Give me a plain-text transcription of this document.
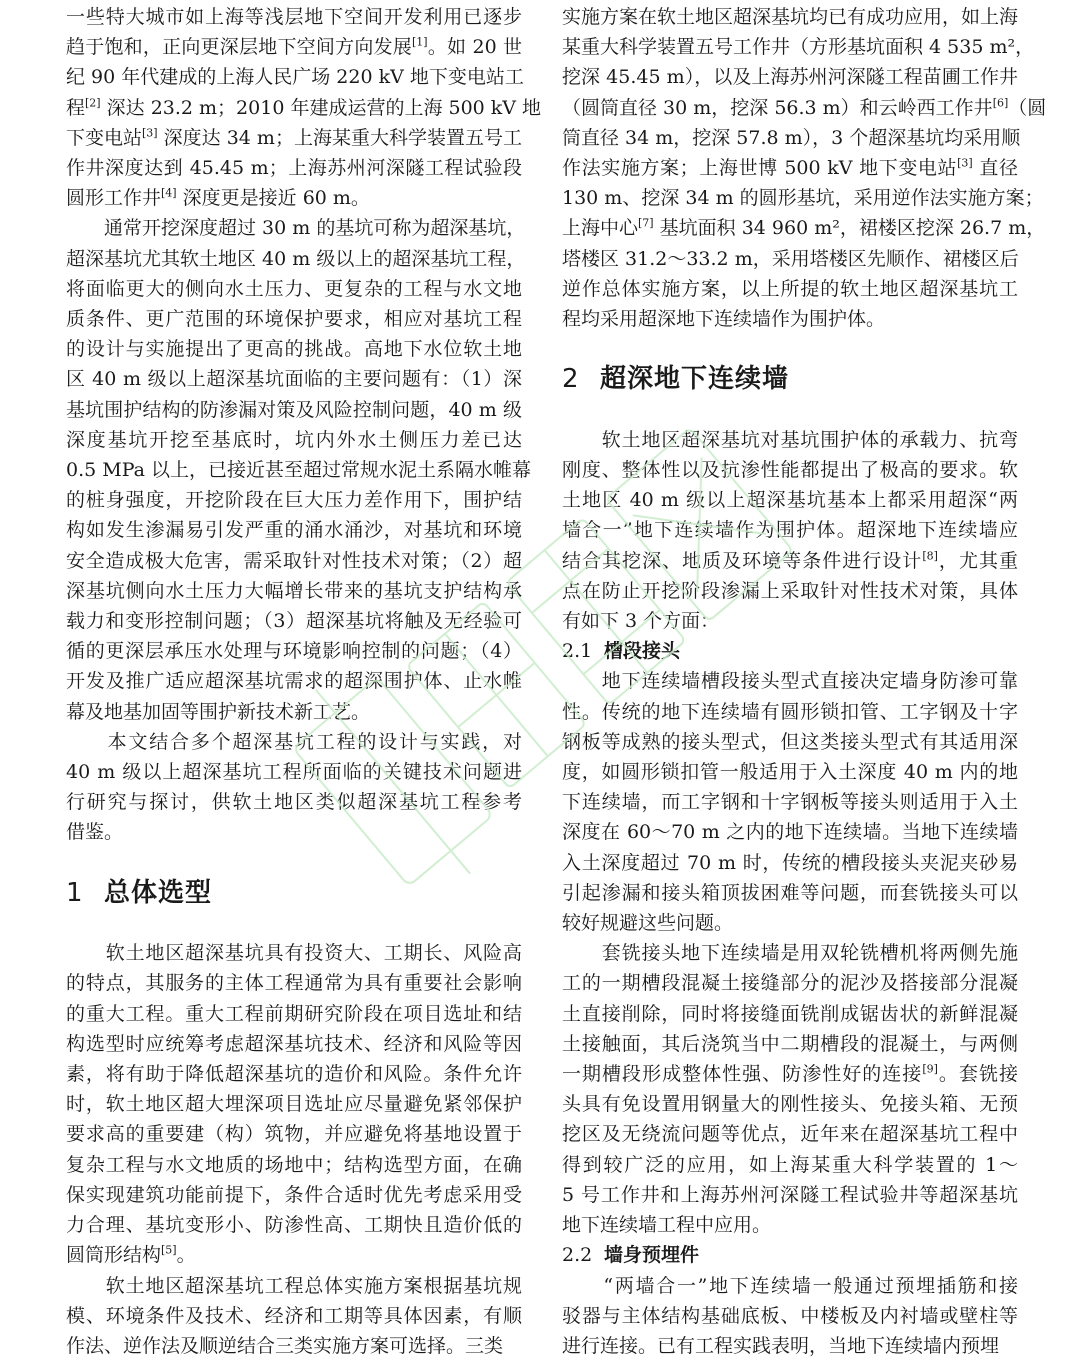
一些特大城市如上海等浅层地下空间开发利用已逐步
趋于饱和，正向更深层地下空间方向发展[1]。如 20 世
纪 90 年代建成的上海人民广场 220 kV 地下变电站工
程[2] 深达 23.2 m；2010 年建成运营的上海 500 kV 地
下变电站[3] 深度达 34 m；上海某重大科学装置五号工
作井深度达到 45.45 m；上海苏州河深隧工程试验段
圆形工作井[4] 深度更是接近 60 m。
　　通常开挖深度超过 30 m 的基坑可称为超深基坑，
超深基坑尤其软土地区 40 m 级以上的超深基坑工程，
将面临更大的侧向水土压力、更复杂的工程与水文地
质条件、更广范围的环境保护要求，相应对基坑工程
的设计与实施提出了更高的挑战。高地下水位软土地
区 40 m 级以上超深基坑面临的主要问题有：（1）深
基坑围护结构的防渗漏对策及风险控制问题，40 m 级
深度基坑开挖至基底时，坑内外水土侧压力差已达
0.5 MPa 以上，已接近甚至超过常规水泥土系隔水帷幕
的桩身强度，开挖阶段在巨大压力差作用下，围护结
构如发生渗漏易引发严重的涌水涌沙，对基坑和环境
安全造成极大危害，需采取针对性技术对策；（2）超
深基坑侧向水土压力大幅增长带来的基坑支护结构承
载力和变形控制问题；（3）超深基坑将触及无经验可
循的更深层承压水处理与环境影响控制的问题；（4）
开发及推广适应超深基坑需求的超深围护体、止水帷
幕及地基加固等围护新技术新工艺。
　　本文结合多个超深基坑工程的设计与实践，对
40 m 级以上超深基坑工程所面临的关键技术问题进
行研究与探讨，供软土地区类似超深基坑工程参考
借鉴。
1 总体选型
　　软土地区超深基坑具有投资大、工期长、风险高
的特点，其服务的主体工程通常为具有重要社会影响
的重大工程。重大工程前期研究阶段在项目选址和结
构选型时应统筹考虑超深基坑技术、经济和风险等因
素，将有助于降低超深基坑的造价和风险。条件允许
时，软土地区超大埋深项目选址应尽量避免紧邻保护
要求高的重要建（构）筑物，并应避免将基地设置于
复杂工程与水文地质的场地中；结构选型方面，在确
保实现建筑功能前提下，条件合适时优先考虑采用受
力合理、基坑变形小、防渗性高、工期快且造价低的
圆筒形结构[5]。
　　软土地区超深基坑工程总体实施方案根据基坑规
模、环境条件及技术、经济和工期等具体因素，有顺
作法、逆作法及顺逆结合三类实施方案可选择。三类
实施方案在软土地区超深基坑均已有成功应用，如上海
某重大科学装置五号工作井（方形基坑面积 4 535 m²，
挖深 45.45 m），以及上海苏州河深隧工程苗圃工作井
（圆筒直径 30 m，挖深 56.3 m）和云岭西工作井[6]（圆
筒直径 34 m，挖深 57.8 m），3 个超深基坑均采用顺
作法实施方案；上海世博 500 kV 地下变电站[3] 直径
130 m、挖深 34 m 的圆形基坑，采用逆作法实施方案；
上海中心[7] 基坑面积 34 960 m²，裙楼区挖深 26.7 m，
塔楼区 31.2～33.2 m，采用塔楼区先顺作、裙楼区后
逆作总体实施方案，以上所提的软土地区超深基坑工
程均采用超深地下连续墙作为围护体。
2 超深地下连续墙
　　软土地区超深基坑对基坑围护体的承载力、抗弯
刚度、整体性以及抗渗性能都提出了极高的要求。软
土地区 40 m 级以上超深基坑基本上都采用超深“两
墙合一”地下连续墙作为围护体。超深地下连续墙应
结合其挖深、地质及环境等条件进行设计[8]，尤其重
点在防止开挖阶段渗漏上采取针对性技术对策，具体
有如下 3 个方面：
2.1 槽段接头
　　地下连续墙槽段接头型式直接决定墙身防渗可靠
性。传统的地下连续墙有圆形锁扣管、工字钢及十字
钢板等成熟的接头型式，但这类接头型式有其适用深
度，如圆形锁扣管一般适用于入土深度 40 m 内的地
下连续墙，而工字钢和十字钢板等接头则适用于入土
深度在 60～70 m 之内的地下连续墙。当地下连续墙
入土深度超过 70 m 时，传统的槽段接头夹泥夹砂易
引起渗漏和接头箱顶拔困难等问题，而套铣接头可以
较好规避这些问题。
　　套铣接头地下连续墙是用双轮铣槽机将两侧先施
工的一期槽段混凝土接缝部分的泥沙及搭接部分混凝
土直接削除，同时将接缝面铣削成锯齿状的新鲜混凝
土接触面，其后浇筑当中二期槽段的混凝土，与两侧
一期槽段形成整体性强、防渗性好的连接[9]。套铣接
头具有免设置用钢量大的刚性接头、免接头箱、无预
挖区及无绕流问题等优点，近年来在超深基坑工程中
得到较广泛的应用，如上海某重大科学装置的 1～
5 号工作井和上海苏州河深隧工程试验井等超深基坑
地下连续墙工程中应用。
2.2 墙身预埋件
　　“两墙合一”地下连续墙一般通过预埋插筋和接
驳器与主体结构基础底板、中楼板及内衬墙或壁柱等
进行连接。已有工程实践表明，当地下连续墙内预埋
